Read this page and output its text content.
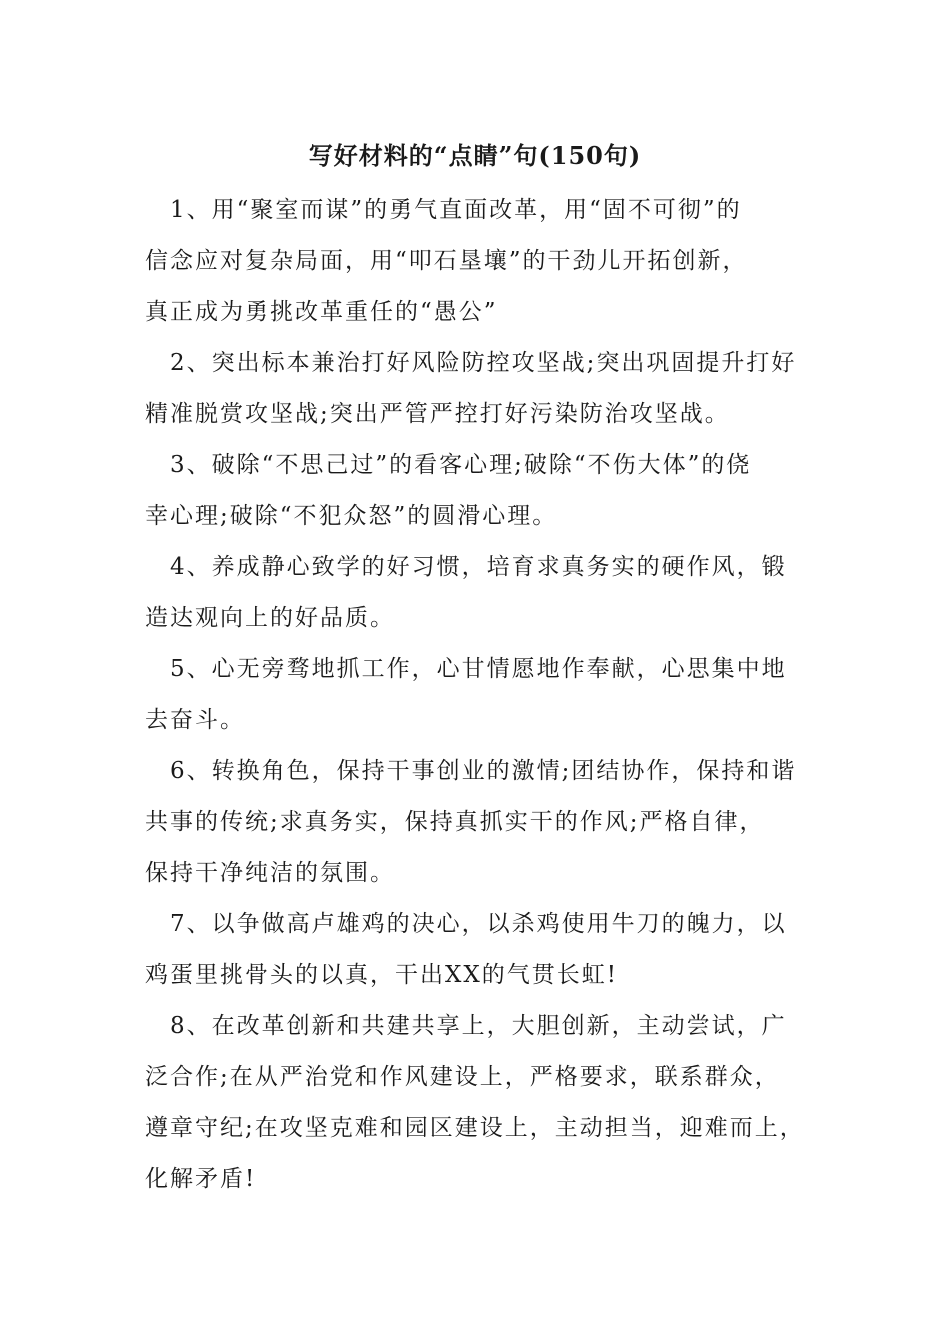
写好材料的“点睛”句(150句)

1、用“聚室而谋”的勇气直面改革，用“固不可彻”的
信念应对复杂局面，用“叩石垦壤”的干劲儿开拓创新，
真正成为勇挑改革重任的“愚公”

2、突出标本兼治打好风险防控攻坚战;突出巩固提升打好
精准脱赏攻坚战;突出严管严控打好污染防治攻坚战。

3、破除“不思己过”的看客心理;破除“不伤大体”的侥
幸心理;破除“不犯众怒”的圆滑心理。

4、养成静心致学的好习惯，培育求真务实的硬作风，锻
造达观向上的好品质。

5、心无旁骛地抓工作，心甘情愿地作奉献，心思集中地
去奋斗。

6、转换角色，保持干事创业的激情;团结协作，保持和谐
共事的传统;求真务实，保持真抓实干的作风;严格自律，
保持干净纯洁的氛围。

7、以争做高卢雄鸡的决心，以杀鸡使用牛刀的魄力，以
鸡蛋里挑骨头的以真，干出XX的气贯长虹!

8、在改革创新和共建共享上，大胆创新，主动尝试，广
泛合作;在从严治党和作风建设上，严格要求，联系群众，
遵章守纪;在攻坚克难和园区建设上，主动担当，迎难而上，
化解矛盾!
